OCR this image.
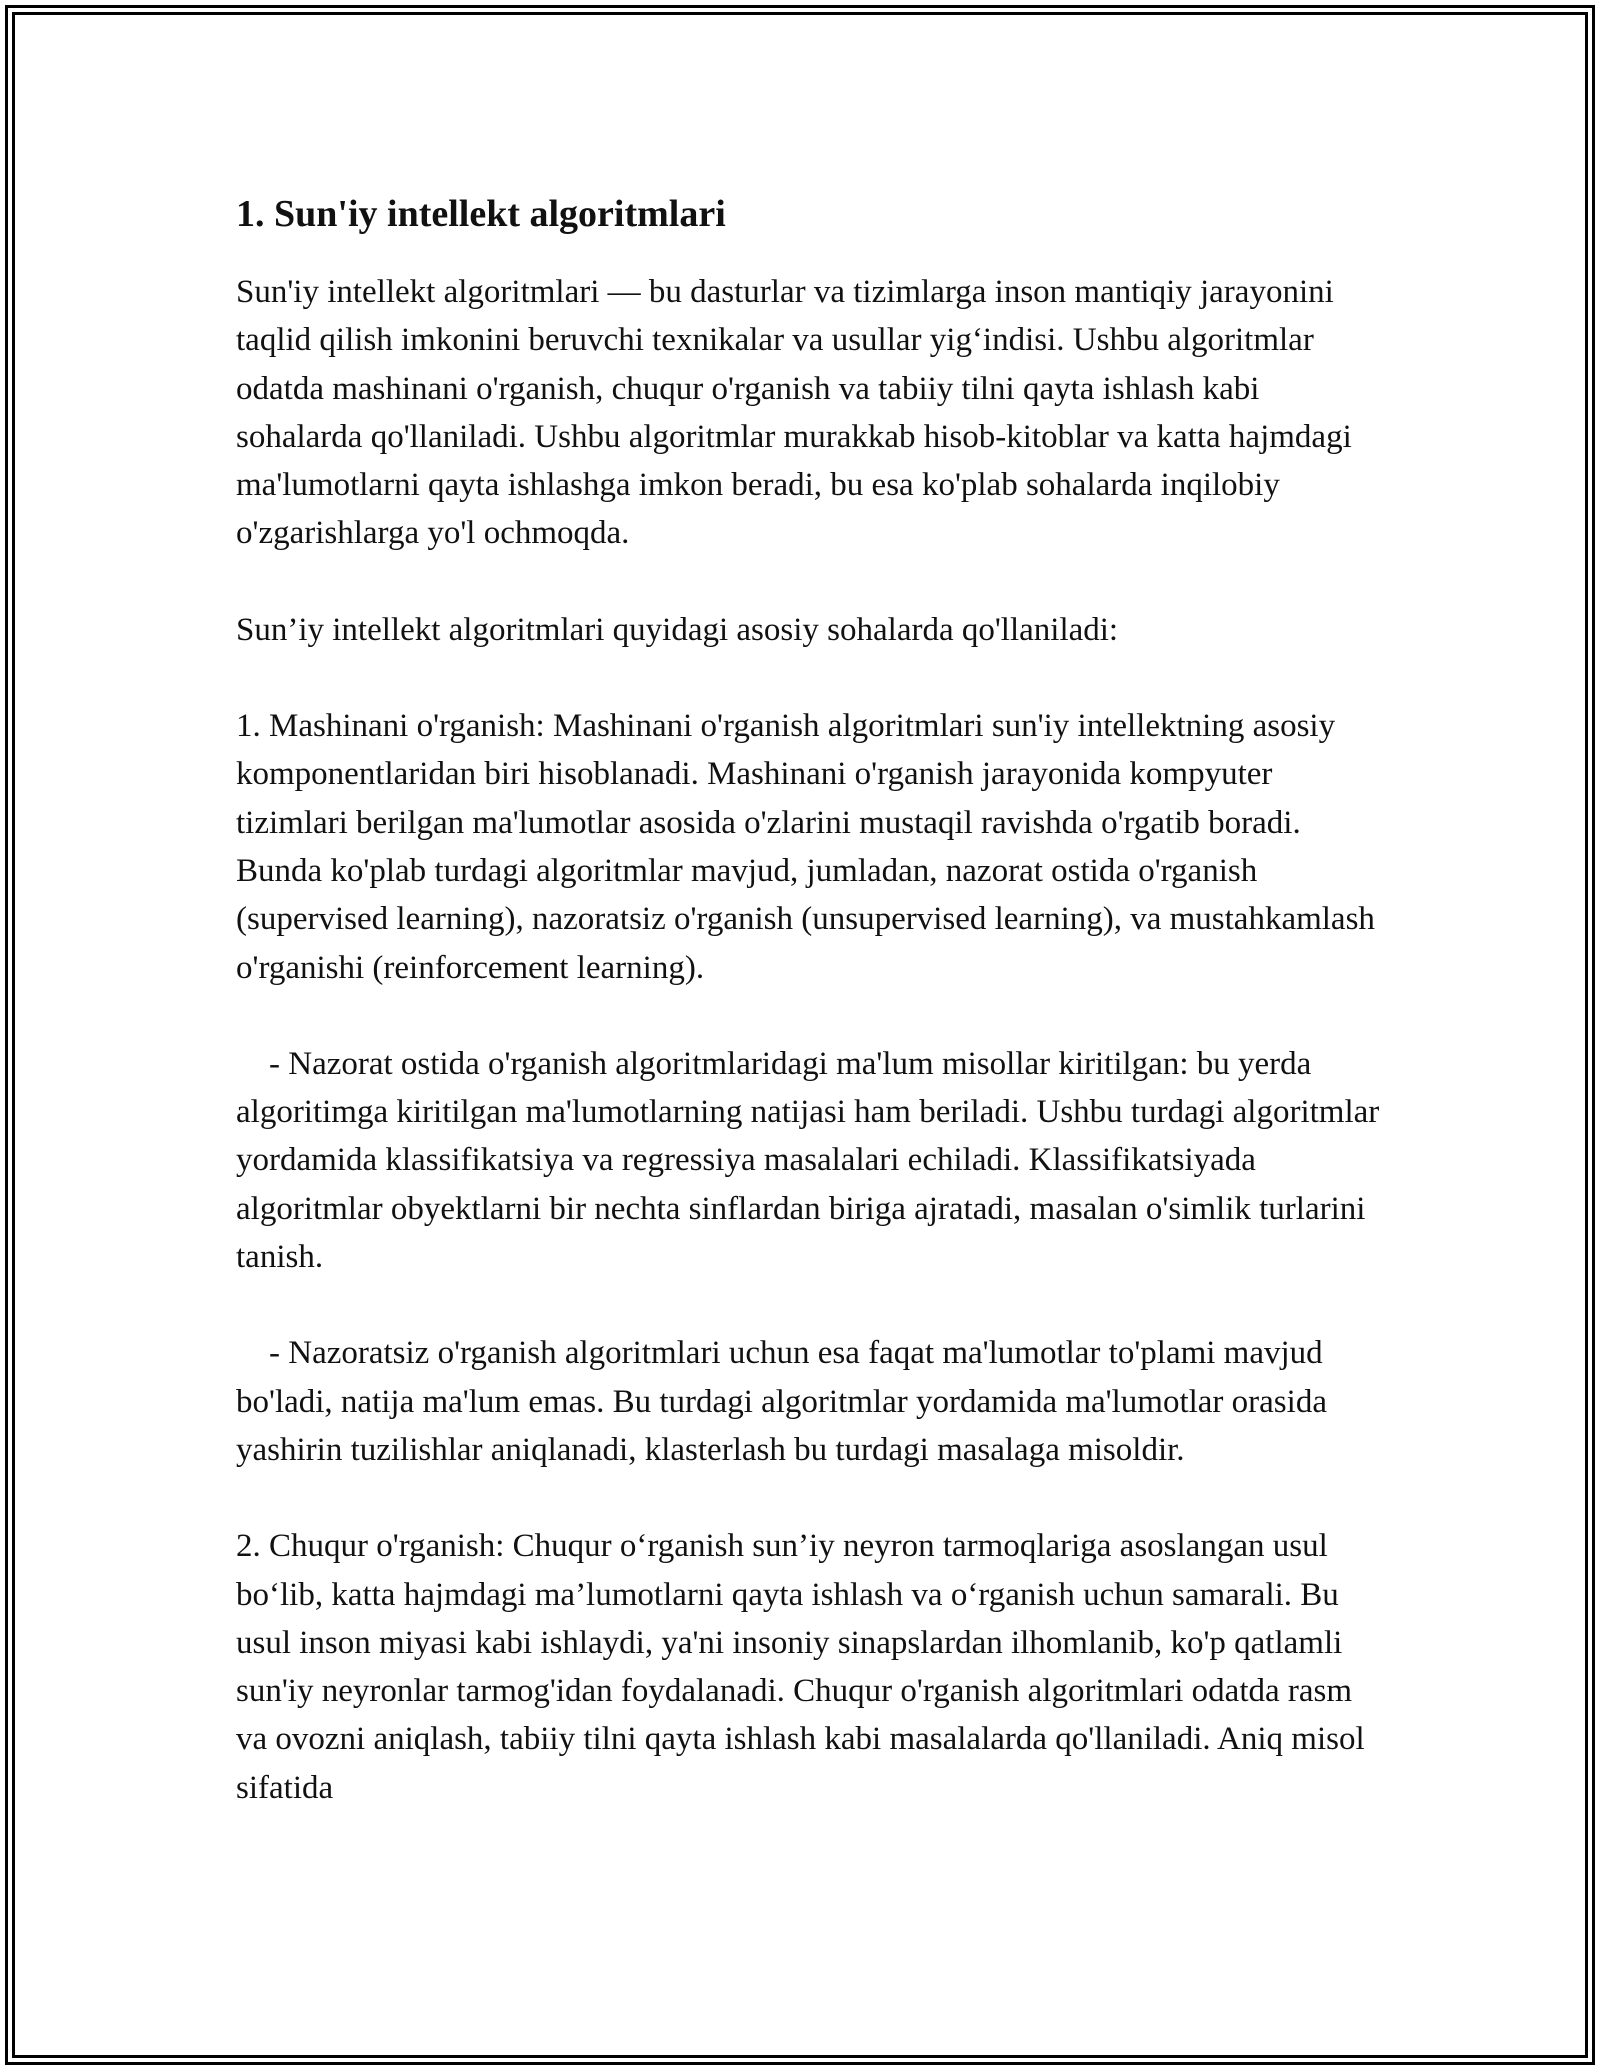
1. Sun'iy intellekt algoritmlari

Sun'iy intellekt algoritmlari — bu dasturlar va tizimlarga inson mantiqiy jarayonini taqlid qilish imkonini beruvchi texnikalar va usullar yig‘indisi. Ushbu algoritmlar odatda mashinani o'rganish, chuqur o'rganish va tabiiy tilni qayta ishlash kabi sohalarda qo'llaniladi. Ushbu algoritmlar murakkab hisob-kitoblar va katta hajmdagi ma'lumotlarni qayta ishlashga imkon beradi, bu esa ko'plab sohalarda inqilobiy o'zgarishlarga yo'l ochmoqda.

Sun’iy intellekt algoritmlari quyidagi asosiy sohalarda qo'llaniladi:

1. Mashinani o'rganish: Mashinani o'rganish algoritmlari sun'iy intellektning asosiy komponentlaridan biri hisoblanadi. Mashinani o'rganish jarayonida kompyuter tizimlari berilgan ma'lumotlar asosida o'zlarini mustaqil ravishda o'rgatib boradi. Bunda ko'plab turdagi algoritmlar mavjud, jumladan, nazorat ostida o'rganish (supervised learning), nazoratsiz o'rganish (unsupervised learning), va mustahkamlash o'rganishi (reinforcement learning).

- Nazorat ostida o'rganish algoritmlaridagi ma'lum misollar kiritilgan: bu yerda algoritimga kiritilgan ma'lumotlarning natijasi ham beriladi. Ushbu turdagi algoritmlar yordamida klassifikatsiya va regressiya masalalari echiladi. Klassifikatsiyada algoritmlar obyektlarni bir nechta sinflardan biriga ajratadi, masalan o'simlik turlarini tanish.

- Nazoratsiz o'rganish algoritmlari uchun esa faqat ma'lumotlar to'plami mavjud bo'ladi, natija ma'lum emas. Bu turdagi algoritmlar yordamida ma'lumotlar orasida yashirin tuzilishlar aniqlanadi, klasterlash bu turdagi masalaga misoldir.

2. Chuqur o'rganish: Chuqur o‘rganish sun’iy neyron tarmoqlariga asoslangan usul bo‘lib, katta hajmdagi ma’lumotlarni qayta ishlash va o‘rganish uchun samarali. Bu usul inson miyasi kabi ishlaydi, ya'ni insoniy sinapslardan ilhomlanib, ko'p qatlamli sun'iy neyronlar tarmog'idan foydalanadi. Chuqur o'rganish algoritmlari odatda rasm va ovozni aniqlash, tabiiy tilni qayta ishlash kabi masalalarda qo'llaniladi. Aniq misol sifatida
